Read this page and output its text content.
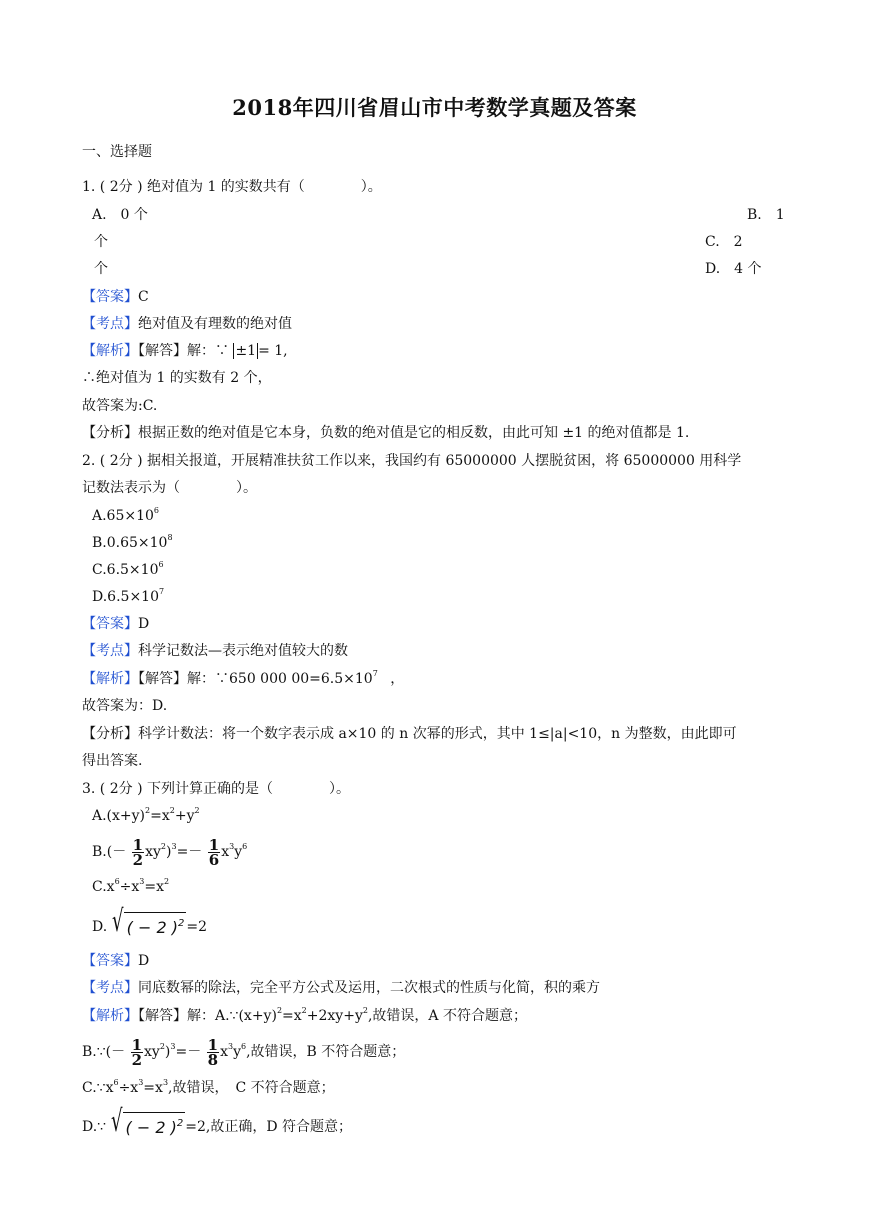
2018年四川省眉山市中考数学真题及答案
一、选择题
1. ( 2分 ) 绝对值为 1 的实数共有（　　　　）。
A.　0 个	B.　1
个	C.　2
个	D.　4 个
【答案】C
【考点】绝对值及有理数的绝对值
【解析】【解答】解：∵ ±1 = 1,
∴绝对值为 1 的实数有 2 个，
故答案为:C.
【分析】根据正数的绝对值是它本身，负数的绝对值是它的相反数，由此可知 ±1 的绝对值都是 1.
2. ( 2分 ) 据相关报道，开展精准扶贫工作以来，我国约有 65000000 人摆脱贫困，将 65000000 用科学
记数法表示为（　　　　）。
$A.65\times 10^6$
$B.0.65\times 10^8$
$C.6.5\times 10^6$
$D.6.5\times 10^7$
【答案】D
【考点】科学记数法—表示绝对值较大的数
【解析】【解答】解：∵650 000 $00=6.5\times 10^7$ ，
故答案为：D.
【分析】科学计数法：将一个数字表示成 a×10 的 n 次幂的形式，其中 1≤|a|<10，n 为整数，由此即可
得出答案.
3. ( 2分 ) 下列计算正确的是（　　　　）。
$A.(x+y)^2=x^2+y^2$
$B.(- \frac{1}{2} xy^2)^3=- \frac{1}{6} x^3y^6$
$C.x^6\div x^3=x^2$
D. √ ( − 2 )$^2$ =2
【答案】D
【考点】同底数幂的除法，完全平方公式及运用，二次根式的性质与化简，积的乘方
【解析】【解答】解：$A.\because(x+y)^2=x^2+2xy+y^2$,故错误，A 不符合题意；
B.∵(－ $\frac{1}{2} xy^2)^3=- \frac{1}{8} x^3y^6$,故错误，B 不符合题意；
$C.\because x^6\div x^3=x^3$,故错误，　C 不符合题意；
D.∵ √ ( − 2 )$^2$ =2,故正确，D 符合题意；
